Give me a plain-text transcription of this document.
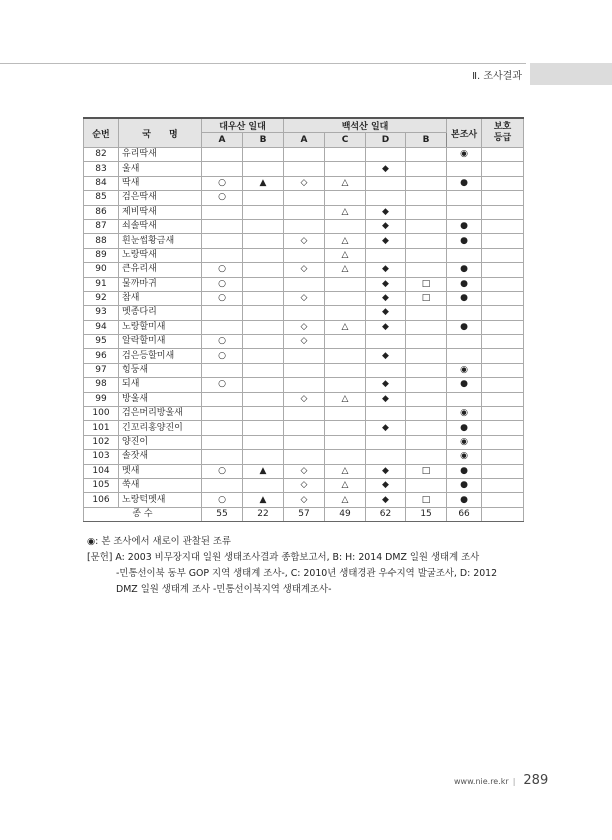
Ⅱ. 조사결과
순번	국　　명	대우산 일대		백석산 일대				본조사	보호
등급
		A	B	A	C	D	B		
82	유리딱새							◉	
83	울새					◆			
84	딱새	○	▲	◇	△			●	
85	검은딱새	○							
86	제비딱새				△	◆			
87	쇠솔딱새					◆		●	
88	흰눈썹황금새			◇	△	◆		●	
89	노랑딱새				△				
90	큰유리새	○		◇	△	◆		●	
91	물까마귀	○				◆	□	●	
92	참새	○		◇		◆	□	●	
93	멧종다리					◆			
94	노랑할미새			◇	△	◆		●	
95	알락할미새	○		◇					
96	검은등할미새	○				◆			
97	힝둥새							◉	
98	되새	○				◆		●	
99	방울새			◇	△	◆			
100	검은머리방울새							◉	
101	긴꼬리홍양진이					◆		●	
102	양진이							◉	
103	솔잣새							◉	
104	멧새	○	▲	◇	△	◆	□	●	
105	쑥새			◇	△	◆		●	
106	노랑턱멧새	○	▲	◇	△	◆	□	●	
종 수		55	22	57	49	62	15	66	
◉: 본 조사에서 새로이 관찰된 조류
[문헌] A: 2003 비무장지대 일원 생태조사결과 종합보고서, B: H: 2014 DMZ 일원 생태계 조사
-민통선이북 동부 GOP 지역 생태계 조사-, C: 2010년 생태경관 우수지역 발굴조사, D: 2012
DMZ 일원 생태계 조사 -민통선이북지역 생태계조사-
www.nie.re.kr | 289
